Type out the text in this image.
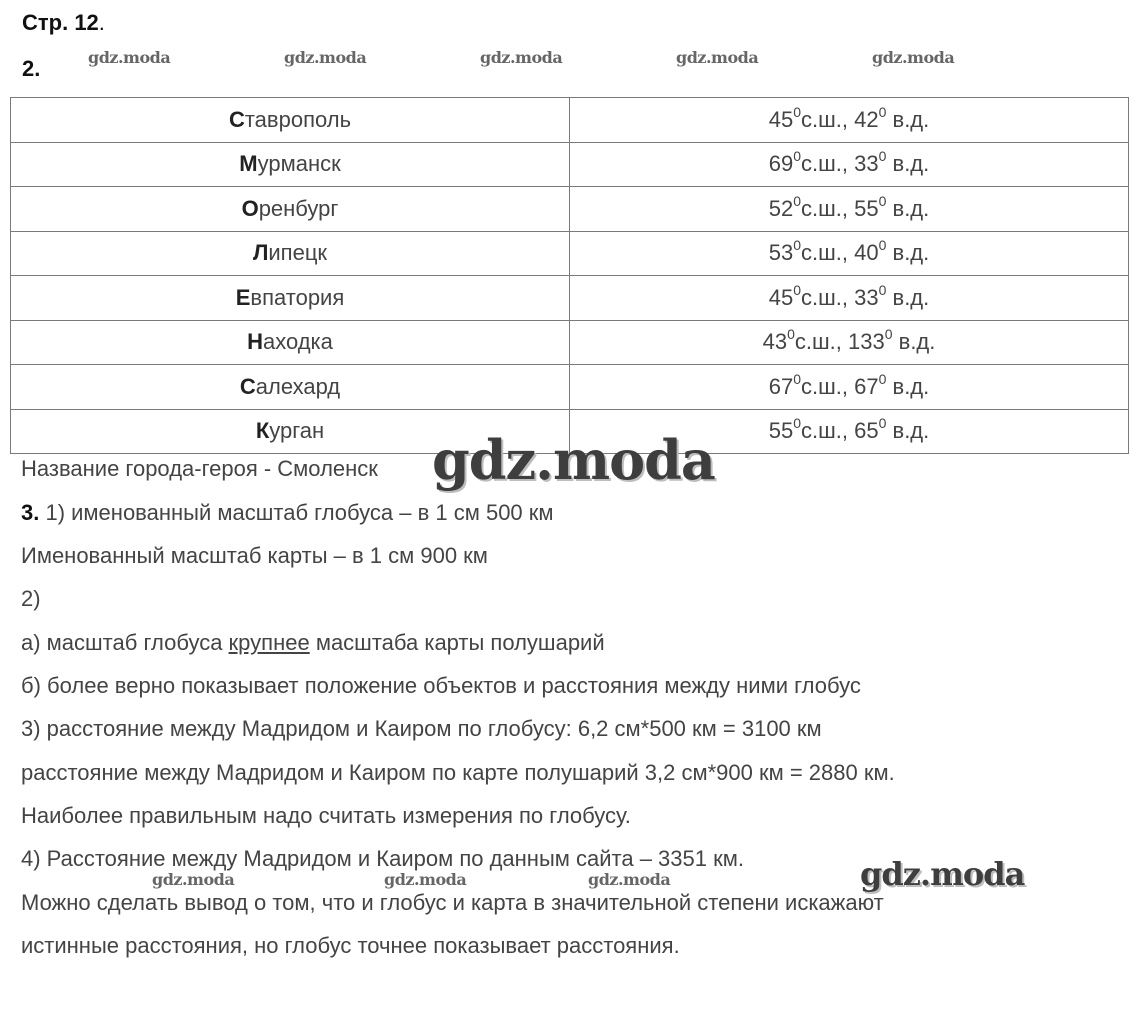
Стр. 12.
2.	gdz.moda	gdz.moda	gdz.moda	gdz.moda	gdz.moda
Ставрополь	$45^0с.ш$., $42^0$ в.д.
Мурманск	$69^0с.ш$., $33^0$ в.д.
Оренбург	$52^0с.ш$., $55^0$ в.д.
Липецк	$53^0с.ш$., $40^0$ в.д.
Евпатория	$45^0с.ш$., $33^0$ в.д.
Находка	$43^0с.ш$., $133^0$ в.д.
Салехард	$67^0с.ш$., $67^0$ в.д.
Курган	$55^0с.ш$., $65^0$ в.д.
Название города-героя - Смоленск gdz.moda
3. 1) именованный масштаб глобуса – в 1 см 500 км
Именованный масштаб карты – в 1 см 900 км
2)
а) масштаб глобуса крупнее масштаба карты полушарий
б) более верно показывает положение объектов и расстояния между ними глобус
3) расстояние между Мадридом и Каиром по глобусу: 6,2 см*500 км = 3100 км
расстояние между Мадридом и Каиром по карте полушарий 3,2 см*900 км = 2880 км.
Наиболее правильным надо считать измерения по глобусу.
4) Расстояние между Мадридом и Каиром по данным сайта – 3351 км.
gdz.moda	gdz.moda	gdz.moda	gdz.moda
Можно сделать вывод о том, что и глобус и карта в значительной степени искажают
истинные расстояния, но глобус точнее показывает расстояния.
